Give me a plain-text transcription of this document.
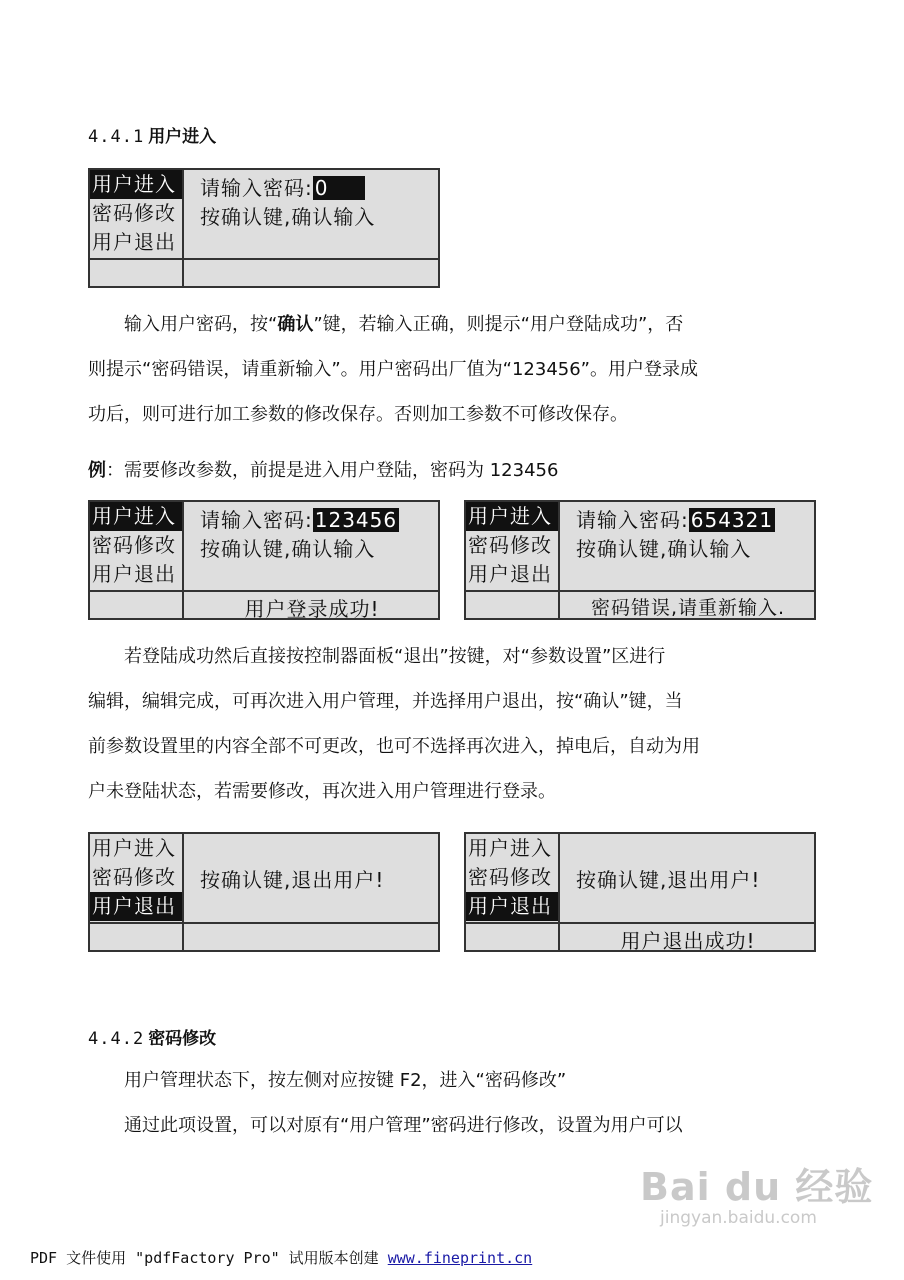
4.4.1 用户进入
用户进入
密码修改
用户退出
请输入密码: 0
按确认键,确认输入

输入用户密码，按“确认”键，若输入正确，则提示“用户登陆成功”，否

则提示“密码错误，请重新输入”。用户密码出厂值为“123456”。用户登录成

功后，则可进行加工参数的修改保存。否则加工参数不可修改保存。

例：需要修改参数，前提是进入用户登陆，密码为 123456
用户进入
密码修改
用户退出
请输入密码: 123456
按确认键,确认输入
用户登录成功!
用户进入
密码修改
用户退出
请输入密码: 654321
按确认键,确认输入
密码错误,请重新输入.

若登陆成功然后直接按控制器面板“退出”按键，对“参数设置”区进行

编辑，编辑完成，可再次进入用户管理，并选择用户退出，按“确认”键，当

前参数设置里的内容全部不可更改，也可不选择再次进入，掉电后，自动为用

户未登陆状态，若需要修改，再次进入用户管理进行登录。

用户进入
密码修改
用户退出
按确认键,退出用户!
用户进入
密码修改
用户退出
按确认键,退出用户!
用户退出成功!
4.4.2 密码修改

用户管理状态下，按左侧对应按键 F2，进入“密码修改”

通过此项设置，可以对原有“用户管理”密码进行修改，设置为用户可以

Bai du 经验
jingyan.baidu.com
PDF 文件使用 "pdfFactory Pro" 试用版本创建 www.fineprint.cn
